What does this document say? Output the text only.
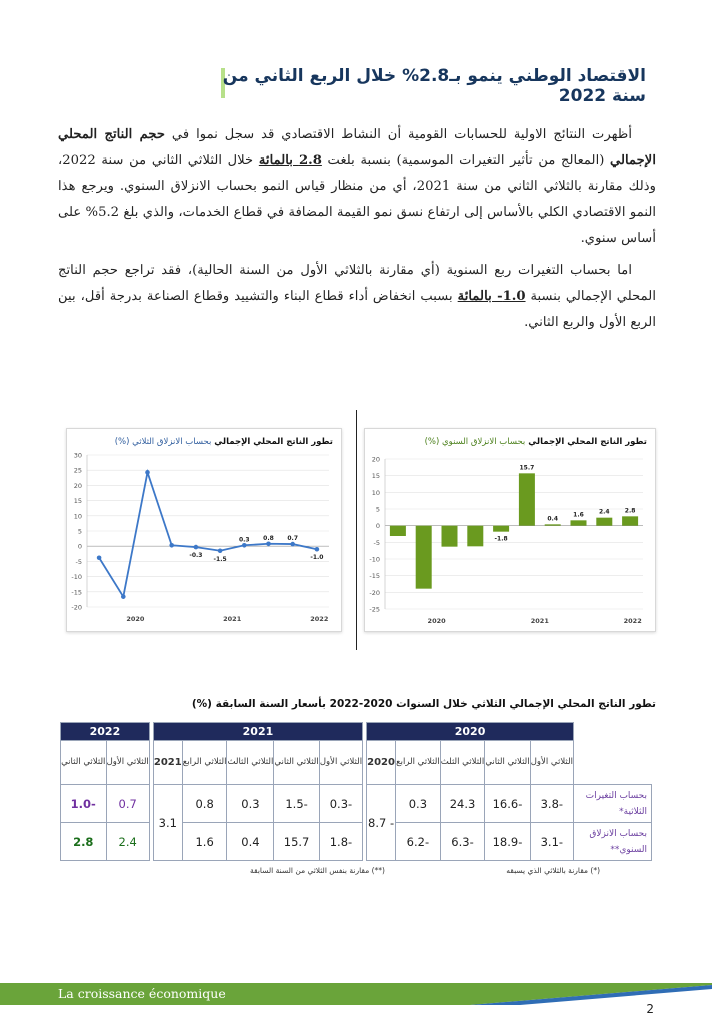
الاقتصاد الوطني ينمو بـ2.8% خلال الربع الثاني من سنة 2022

أظهرت النتائج الاولية للحسابات القومية أن النشاط الاقتصادي قد سجل نموا في حجم الناتج المحلي الإجمالي (المعالج من تأثير التغيرات الموسمية) بنسبة بلغت 2.8 بالمائة خلال الثلاثي الثاني من سنة 2022، وذلك مقارنة بالثلاثي الثاني من سنة 2021، أي من منظار قياس النمو بحساب الانزلاق السنوي. ويرجع هذا النمو الاقتصادي الكلي بالأساس إلى ارتفاع نسق نمو القيمة المضافة في قطاع الخدمات، والذي بلغ 5.2% على أساس سنوي.

اما بحساب التغيرات ربع السنوية (أي مقارنة بالثلاثي الأول من السنة الحالية)، فقد تراجع حجم الناتج المحلي الإجمالي بنسبة 1.0- بالمائة بسبب انخفاض أداء قطاع البناء والتشييد وقطاع الصناعة بدرجة أقل، بين الربع الأول والربع الثاني.

تطور الناتج المحلي الإجمالي بحساب الانزلاق الثلاثي (%)
30
25
20
15
10
5
0
-5
-10
-15
-20
-0.3
-1.5
0.3 0.8 0.7
-1.0
2020	2021	2022
تطور الناتج المحلي الإجمالي بحساب الانزلاق السنوي (%)
20
15
10
5
0
-5
-10
-15
-20
-25
-1.8
15.7
0.4
1.6	2.4	2.8
2020	2021	2022
تطور الناتج المحلي الإجمالي الثلاثي خلال السنوات 2020-2022 بأسعار السنة السابقة (%)
	2020						2021						2022	
	الثلاثي الأول	الثلاثي الثاني	الثلاثي الثلث	الثلاثي الرابع	2020		الثلاثي الأول	الثلاثي الثاني	الثلاثي الثالث	الثلاثي الرابع	2021		الثلاثي الأول	الثلاثي الثاني
بحساب التغيرات الثلاثية*	-3.8	-16.6	24.3	0.3	- 8.7		-0.3	-1.5	0.3	0.8	3.1		0.7	-1.0
بحساب الانزلاق السنوي**	-3.1	-18.9	-6.3	-6.2			-1.8	15.7	0.4	1.6			2.4	2.8
(*) مقارنة بالثلاثي الذي يسبقه
(**) مقارنة بنفس الثلاثي من السنة السابقة
La croissance économique
2
